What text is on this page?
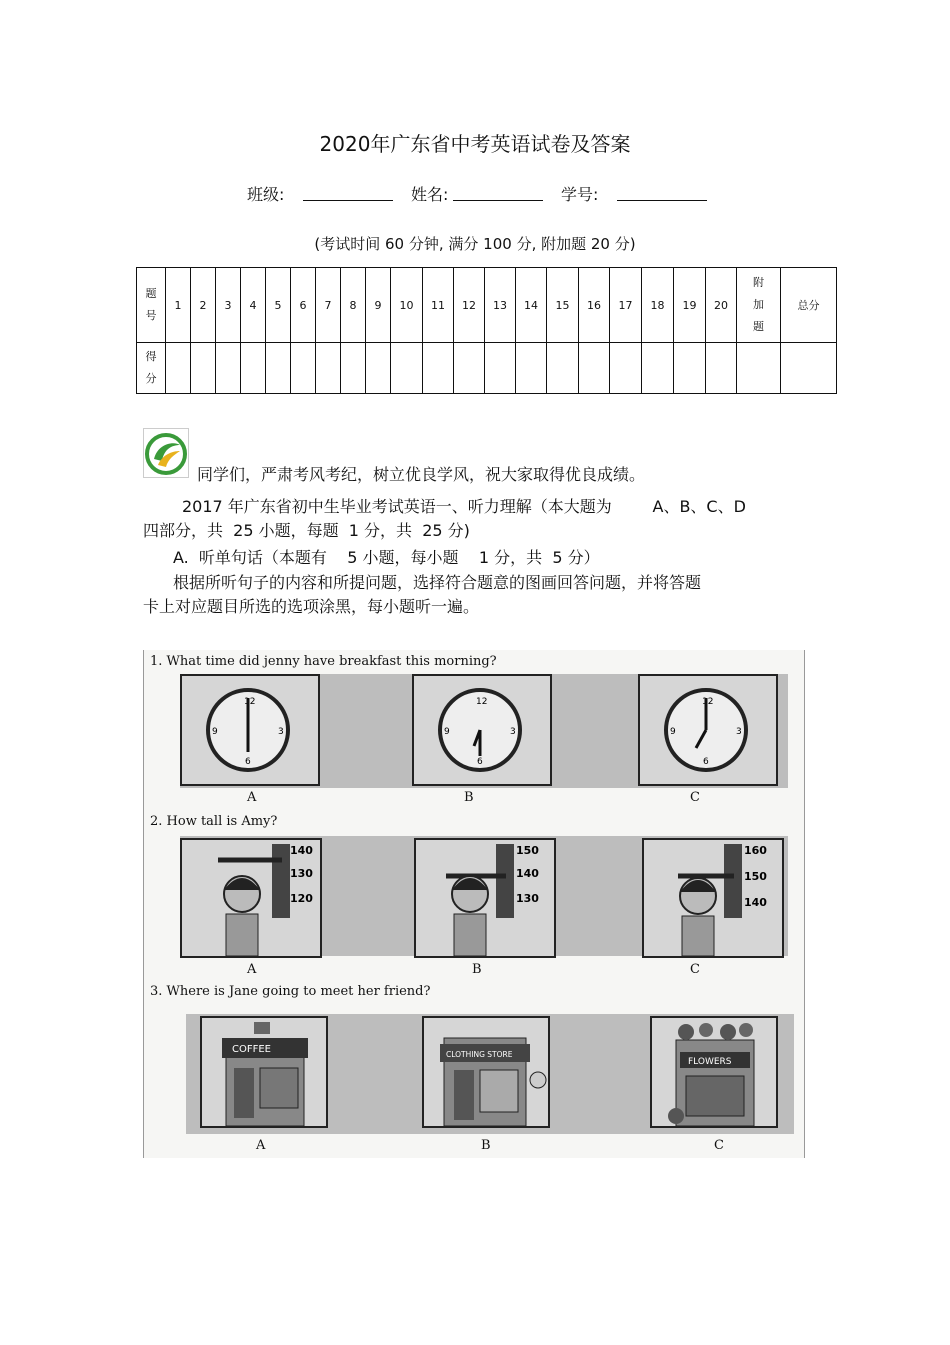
2020年广东省中考英语试卷及答案
班级:	姓名:	学号:
(考试时间 60 分钟, 满分 100 分, 附加题 20 分)
题号	1	2	3	4	5	6	7	8	9	10	11	12	13	14	15	16	17	18	19	20	附加题	总分
得分																						
同学们，严肃考风考纪，树立优良学风，祝大家取得优良成绩。
2017 年广东省初中生毕业考试英语一、听力理解（本大题为        A、B、C、D
四部分，共  25 小题，每题  1 分，共  25 分)
A.  听单句话（本题有    5 小题，每小题    1 分，共  5 分）
根据所听句子的内容和所提问题，选择符合题意的图画回答问题，并将答题
卡上对应题目所选的选项涂黑，每小题听一遍。
1. What time did jenny have breakfast this morning?
12
3
6
9
A
12
3
6
9
B
12
3
6
9
C
2. How tall is Amy?
140
130
120
A
150
140
130
B
160
150
140
C
3. Where is Jane going to meet her friend?
COFFEE
A
CLOTHING STORE
B
FLOWERS
C
